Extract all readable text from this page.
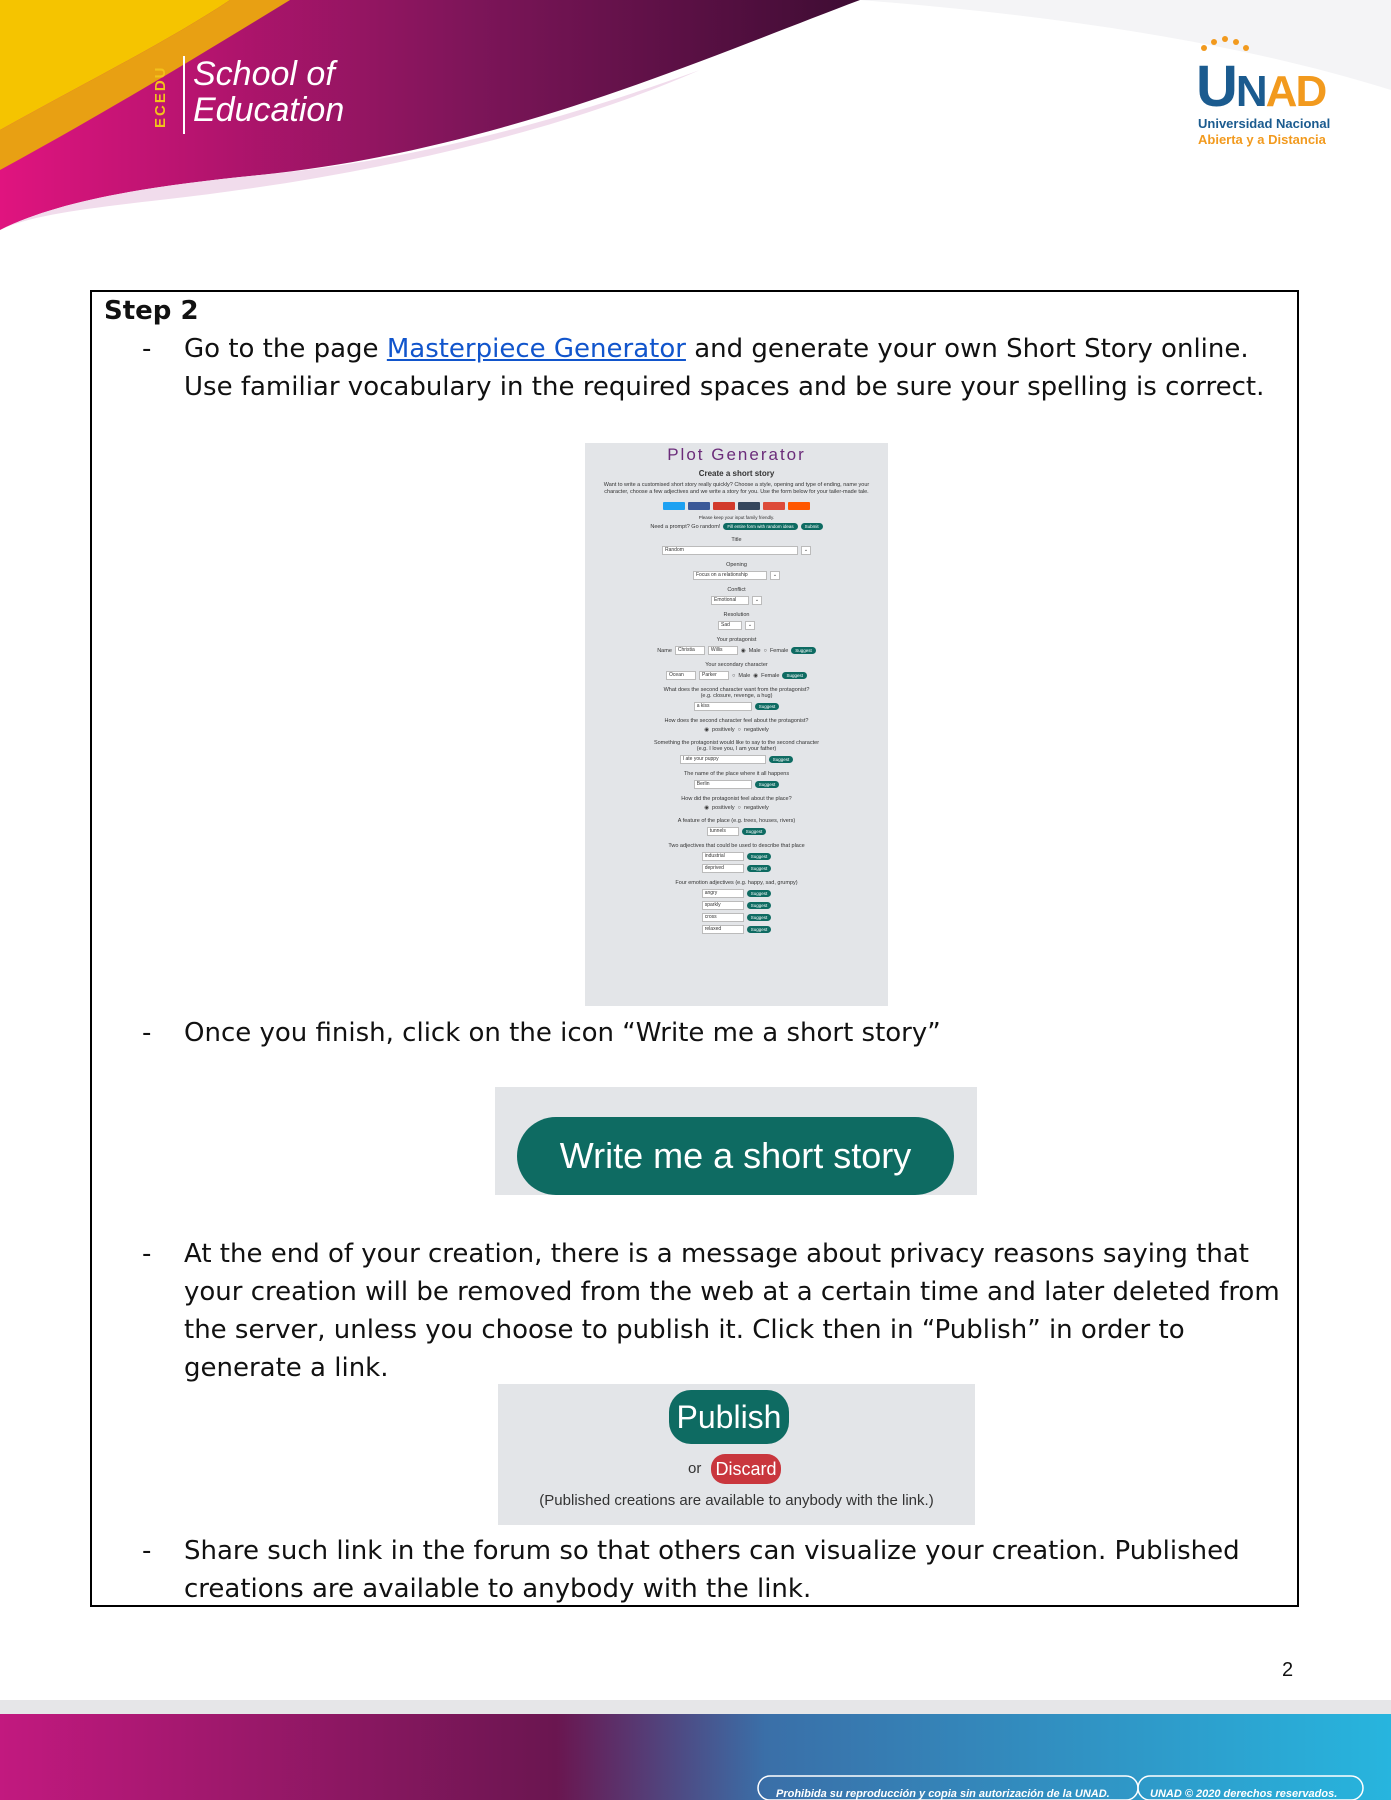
ECEDU School of
Education	UNAD
Universidad Nacional
Abierta y a Distancia
Step 2
- Go to the page Masterpiece Generator and generate your own Short Story online. Use familiar vocabulary in the required spaces and be sure your spelling is correct.
- Once you finish, click on the icon “Write me a short story”
- At the end of your creation, there is a message about privacy reasons saying that your creation will be removed from the web at a certain time and later deleted from the server, unless you choose to publish it. Click then in “Publish” in order to generate a link.
- Share such link in the forum so that others can visualize your creation. Published creations are available to anybody with the link.
Plot Generator
Create a short story
Want to write a customised short story really quickly? Choose a style, opening and type of ending, name your character, choose a few adjectives and we write a story for you. Use the form below for your tailer-made tale.
Please keep your input family friendly.
Need a prompt? Go random!	Fill entire form with random ideas	Submit
Title
Random	⌄
Opening
Focus on a relationship	⌄
Conflict
Emotional	⌄
Resolution
Sad	⌄
Your protagonist
Name	Christia	Willis	◉ Male ○ Female	Suggest
Your secondary character
Ocean	Parker	○ Male ◉ Female	Suggest
What does the second character want from the protagonist?
(e.g. closure, revenge, a hug)
a kiss	Suggest
How does the second character feel about the protagonist?
◉ positively ○ negatively
Something the protagonist would like to say to the second character
(e.g. I love you, I am your father)
I ate your puppy	Suggest
The name of the place where it all happens
Berlin	Suggest
How did the protagonist feel about the place?
◉ positively ○ negatively
A feature of the place (e.g. trees, houses, rivers)
tunnels	Suggest
Two adjectives that could be used to describe that place
industrial	Suggest
deprived	Suggest
Four emotion adjectives (e.g. happy, sad, grumpy)
angry	Suggest
sparkly	Suggest
cross	Suggest
relaxed	Suggest
Write me a short story
Publish
or Discard
(Published creations are available to anybody with the link.)
2
Prohibida su reproducción y copia sin autorización de la UNAD.	UNAD © 2020 derechos reservados.
